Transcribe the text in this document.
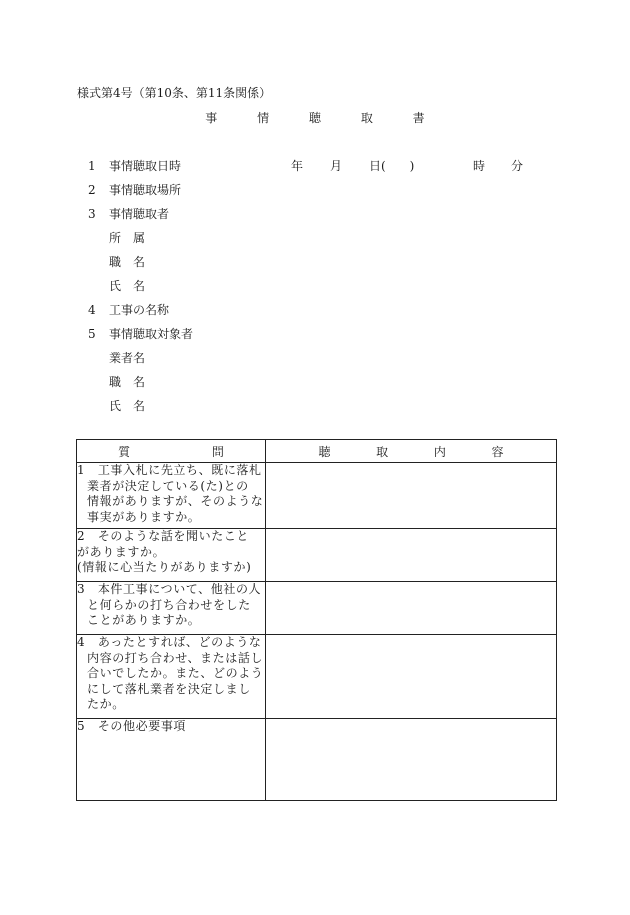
様式第4号（第10条、第11条関係）
事	情	聴	取	書
1 事情聴取日時	年 月 日(　　)	時 分
2 事情聴取場所
3 事情聴取者
所　属
職　名
氏　名
4 工事の名称
5 事情聴取対象者
業者名
職　名
氏　名
質 問	聴 取 内 容

1　工事入札に先立ち、既に落札
業者が決定している(た)との
情報がありますが、そのような
事実がありますか。	

2　そのような話を聞いたこと
がありますか。
(情報に心当たりがありますか)	

3　本件工事について、他社の人
と何らかの打ち合わせをした
ことがありますか。	

4　あったとすれば、どのような
内容の打ち合わせ、または話し
合いでしたか。また、どのよう
にして落札業者を決定しまし
たか。	

5　その他必要事項	
